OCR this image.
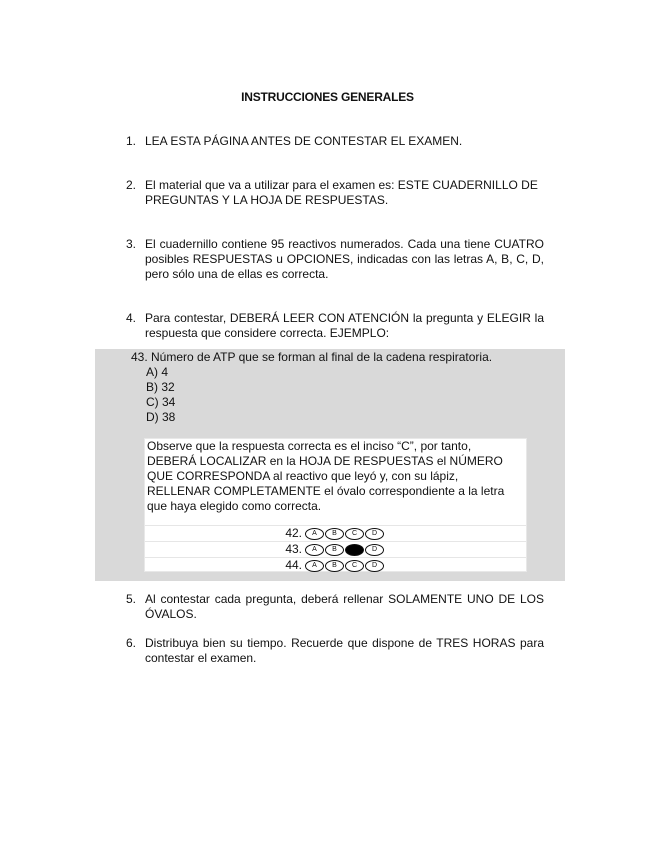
INSTRUCCIONES GENERALES
1. LEA ESTA PÁGINA ANTES DE CONTESTAR EL EXAMEN.
2. El material que va a utilizar para el examen es: ESTE CUADERNILLO DE PREGUNTAS Y LA HOJA DE RESPUESTAS.
3. El cuadernillo contiene 95 reactivos numerados. Cada una tiene CUATRO posibles RESPUESTAS u OPCIONES, indicadas con las letras A, B, C, D, pero sólo una de ellas es correcta.
4. Para contestar, DEBERÁ LEER CON ATENCIÓN la pregunta y ELEGIR la respuesta que considere correcta. EJEMPLO:
43. Número de ATP que se forman al final de la cadena respiratoria.
A) 4
B) 32
C) 34
D) 38
Observe que la respuesta correcta es el inciso “C”, por tanto, DEBERÁ LOCALIZAR en la HOJA DE RESPUESTAS el NÚMERO QUE CORRESPONDA al reactivo que leyó y, con su lápiz, RELLENAR COMPLETAMENTE el óvalo correspondiente a la letra que haya elegido como correcta.
42.	A	B	C	D
43.	A	B	C	D
44.	A	B	C	D
5. Al contestar cada pregunta, deberá rellenar SOLAMENTE UNO DE LOS ÓVALOS.
6. Distribuya bien su tiempo. Recuerde que dispone de TRES HORAS para contestar el examen.
